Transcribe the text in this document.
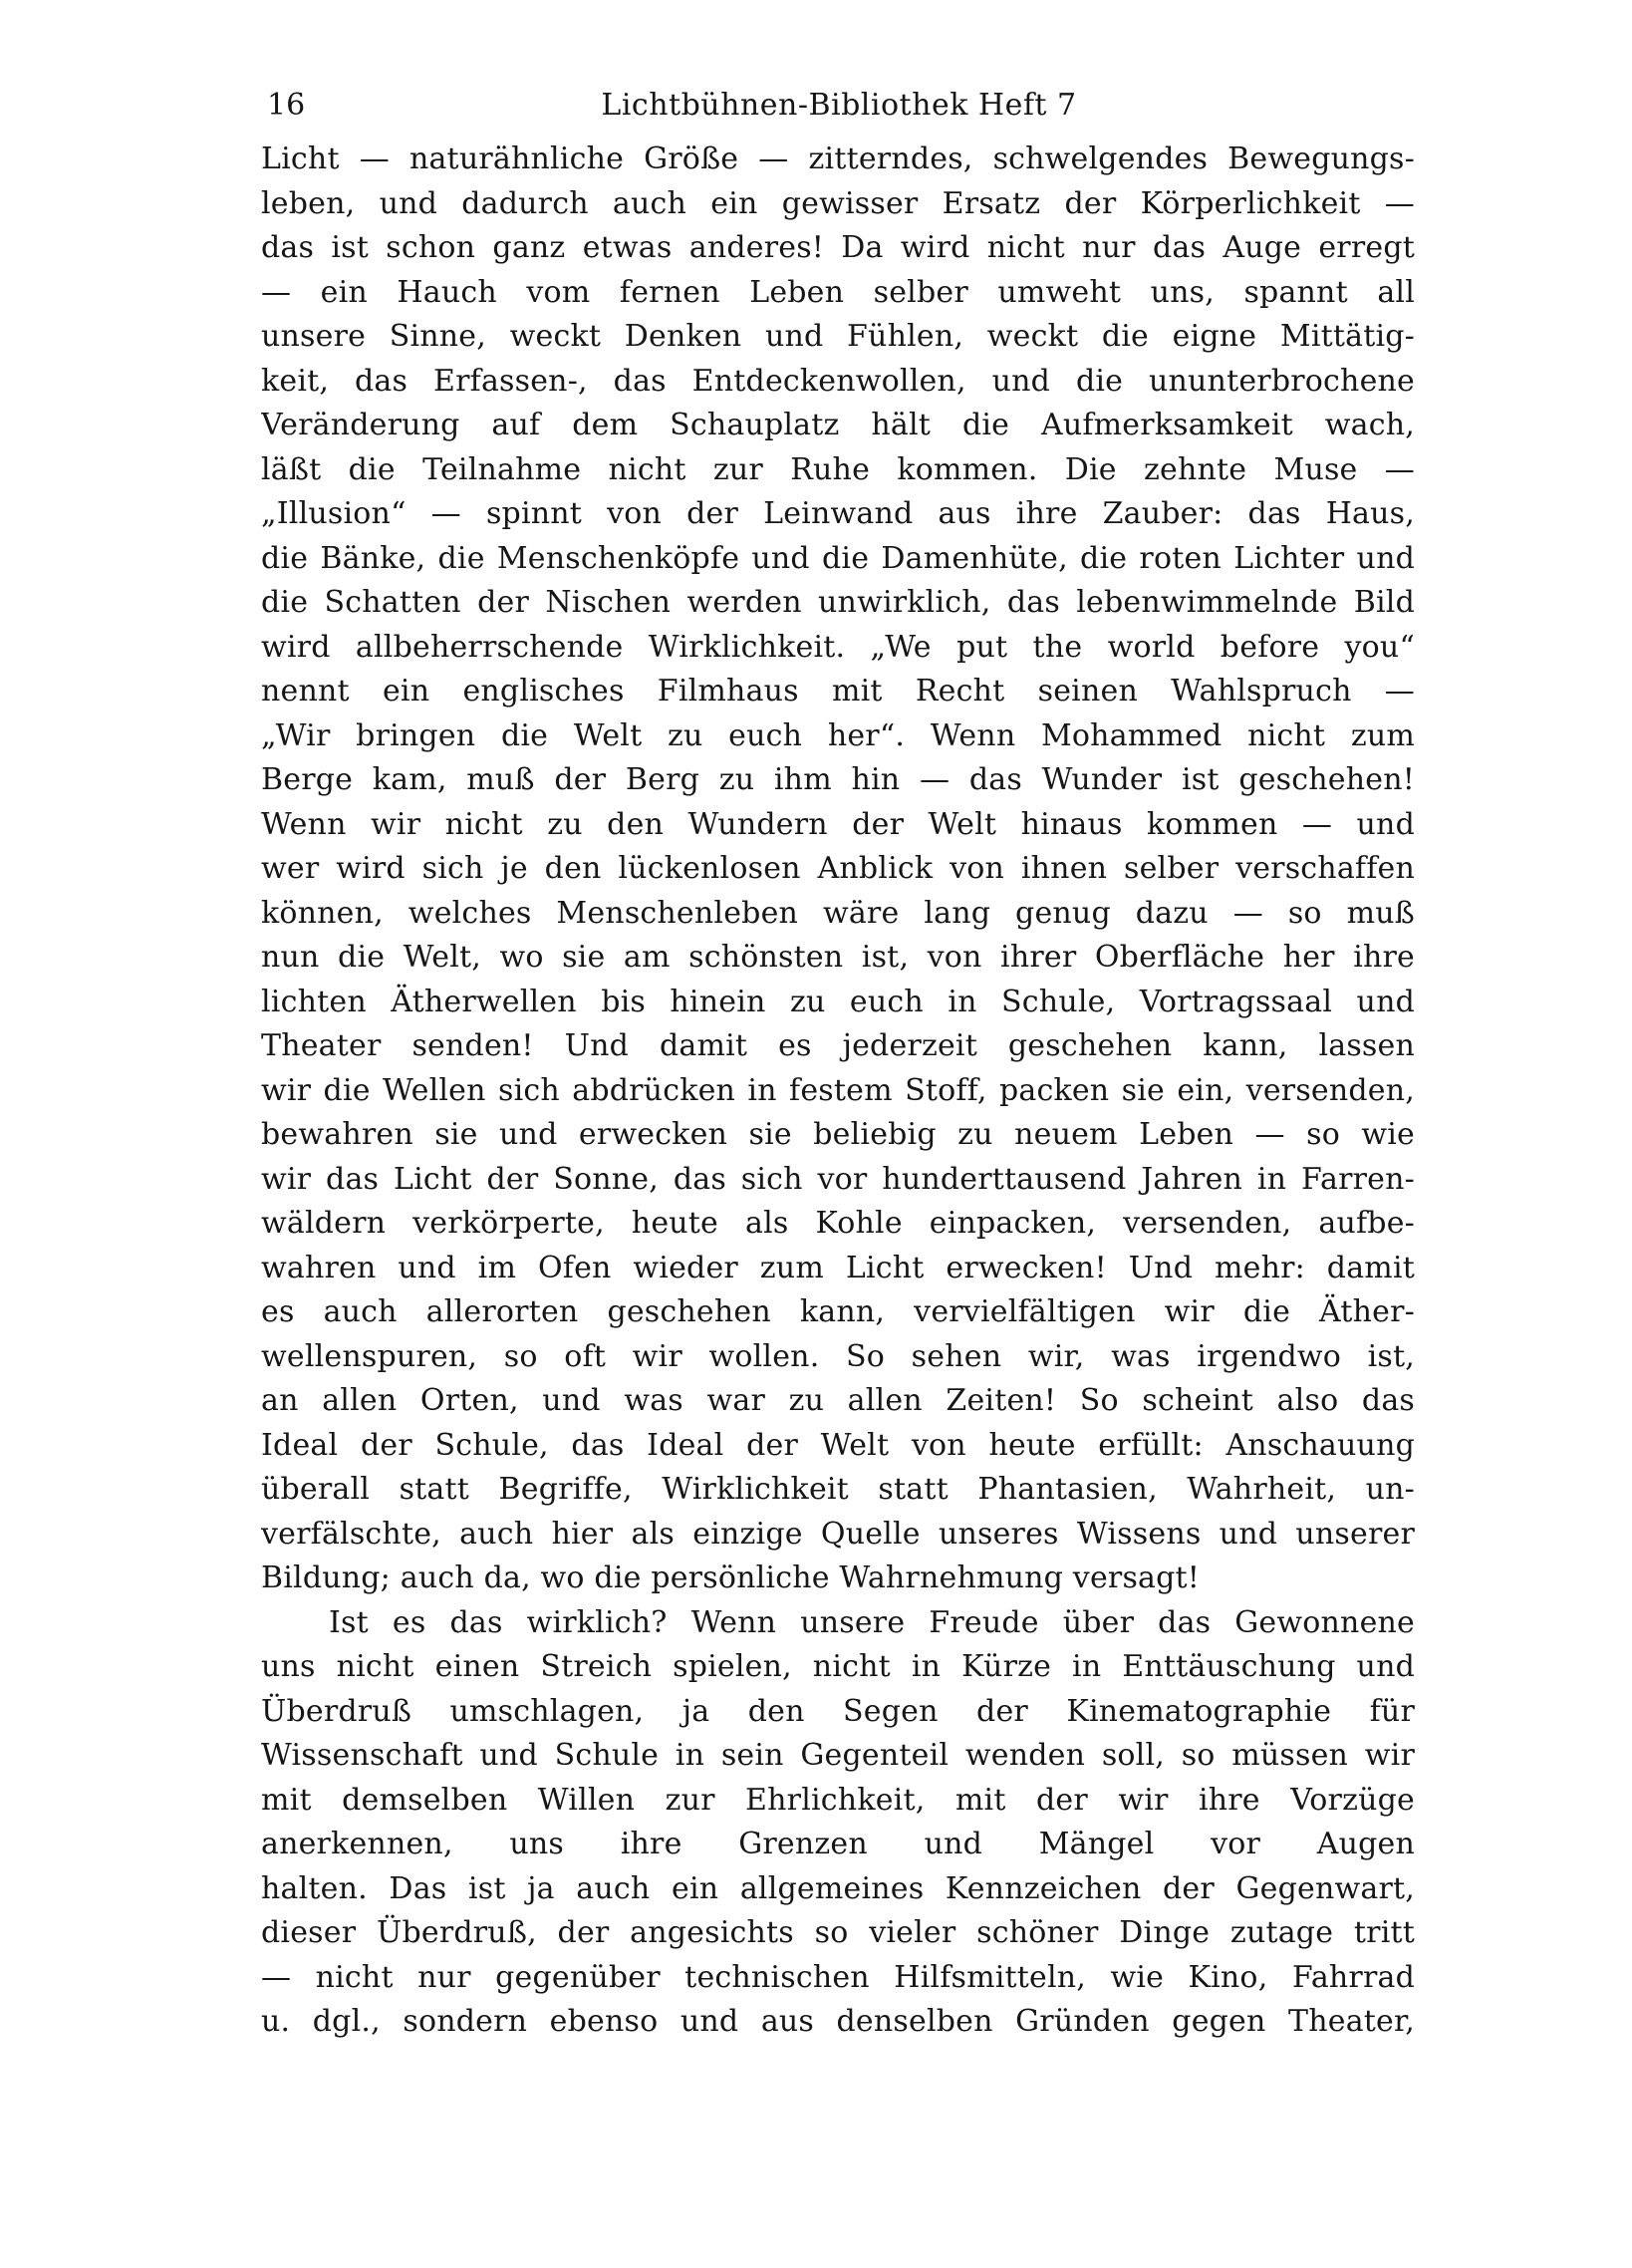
16	Lichtbühnen-Bibliothek Heft 7
Licht — naturähnliche Größe — zitterndes, schwelgendes Bewegungs-
leben, und dadurch auch ein gewisser Ersatz der Körperlichkeit —
das ist schon ganz etwas anderes! Da wird nicht nur das Auge erregt
— ein Hauch vom fernen Leben selber umweht uns, spannt all
unsere Sinne, weckt Denken und Fühlen, weckt die eigne Mittätig-
keit, das Erfassen-, das Entdeckenwollen, und die ununterbrochene
Veränderung auf dem Schauplatz hält die Aufmerksamkeit wach,
läßt die Teilnahme nicht zur Ruhe kommen. Die zehnte Muse —
„Illusion“ — spinnt von der Leinwand aus ihre Zauber: das Haus,
die Bänke, die Menschenköpfe und die Damenhüte, die roten Lichter und
die Schatten der Nischen werden unwirklich, das lebenwimmelnde Bild
wird allbeherrschende Wirklichkeit. „We put the world before you“
nennt ein englisches Filmhaus mit Recht seinen Wahlspruch —
„Wir bringen die Welt zu euch her“. Wenn Mohammed nicht zum
Berge kam, muß der Berg zu ihm hin — das Wunder ist geschehen!
Wenn wir nicht zu den Wundern der Welt hinaus kommen — und
wer wird sich je den lückenlosen Anblick von ihnen selber verschaffen
können, welches Menschenleben wäre lang genug dazu — so muß
nun die Welt, wo sie am schönsten ist, von ihrer Oberfläche her ihre
lichten Ätherwellen bis hinein zu euch in Schule, Vortragssaal und
Theater senden! Und damit es jederzeit geschehen kann, lassen
wir die Wellen sich abdrücken in festem Stoff, packen sie ein, versenden,
bewahren sie und erwecken sie beliebig zu neuem Leben — so wie
wir das Licht der Sonne, das sich vor hunderttausend Jahren in Farren-
wäldern verkörperte, heute als Kohle einpacken, versenden, aufbe-
wahren und im Ofen wieder zum Licht erwecken! Und mehr: damit
es auch allerorten geschehen kann, vervielfältigen wir die Äther-
wellenspuren, so oft wir wollen. So sehen wir, was irgendwo ist,
an allen Orten, und was war zu allen Zeiten! So scheint also das
Ideal der Schule, das Ideal der Welt von heute erfüllt: Anschauung
überall statt Begriffe, Wirklichkeit statt Phantasien, Wahrheit, un-
verfälschte, auch hier als einzige Quelle unseres Wissens und unserer
Bildung; auch da, wo die persönliche Wahrnehmung versagt!
Ist es das wirklich? Wenn unsere Freude über das Gewonnene
uns nicht einen Streich spielen, nicht in Kürze in Enttäuschung und
Überdruß umschlagen, ja den Segen der Kinematographie für
Wissenschaft und Schule in sein Gegenteil wenden soll, so müssen wir
mit demselben Willen zur Ehrlichkeit, mit der wir ihre Vorzüge
anerkennen, uns ihre Grenzen und Mängel vor Augen
halten. Das ist ja auch ein allgemeines Kennzeichen der Gegenwart,
dieser Überdruß, der angesichts so vieler schöner Dinge zutage tritt
— nicht nur gegenüber technischen Hilfsmitteln, wie Kino, Fahrrad
u. dgl., sondern ebenso und aus denselben Gründen gegen Theater,
